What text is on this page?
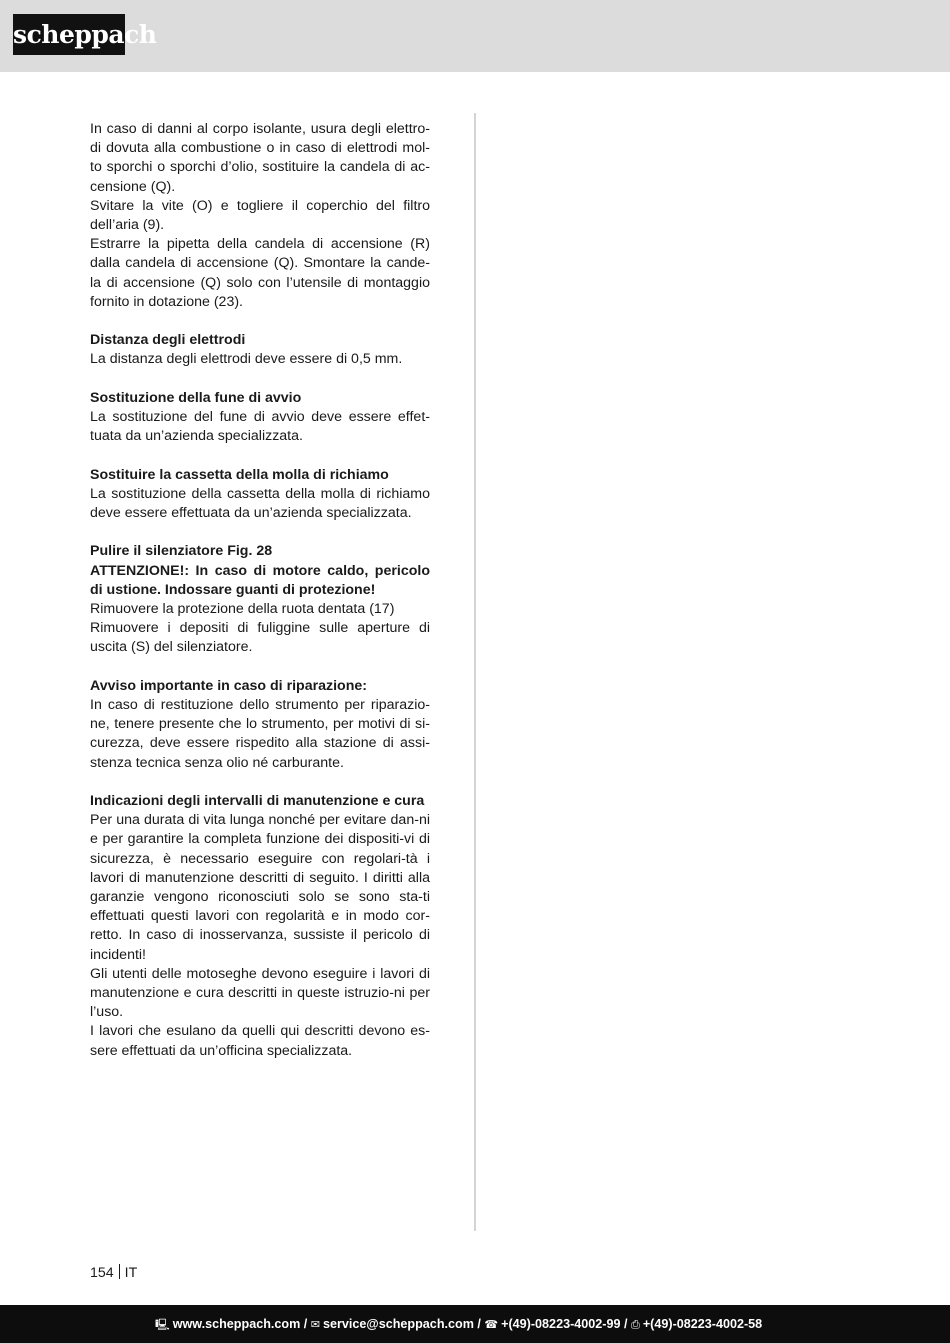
scheppach

In caso di danni al corpo isolante, usura degli elettro-di dovuta alla combustione o in caso di elettrodi mol-to sporchi o sporchi d’olio, sostituire la candela di ac-censione (Q).

Svitare la vite (O) e togliere il coperchio del filtro dell’aria (9).

Estrarre la pipetta della candela di accensione (R) dalla candela di accensione (Q). Smontare la cande-la di accensione (Q) solo con l’utensile di montaggio fornito in dotazione (23).

Distanza degli elettrodi

La distanza degli elettrodi deve essere di 0,5 mm.

Sostituzione della fune di avvio

La sostituzione del fune di avvio deve essere effet-tuata da un’azienda specializzata.

Sostituire la cassetta della molla di richiamo

La sostituzione della cassetta della molla di richiamo deve essere effettuata da un’azienda specializzata.

Pulire il silenziatore Fig. 28

ATTENZIONE!: In caso di motore caldo, pericolo di ustione. Indossare guanti di protezione!

Rimuovere la protezione della ruota dentata (17)

Rimuovere i depositi di fuliggine sulle aperture di uscita (S) del silenziatore.

Avviso importante in caso di riparazione:

In caso di restituzione dello strumento per riparazio-ne, tenere presente che lo strumento, per motivi di si-curezza, deve essere rispedito alla stazione di assi-stenza tecnica senza olio né carburante.

Indicazioni degli intervalli di manutenzione e cura

Per una durata di vita lunga nonché per evitare dan-ni e per garantire la completa funzione dei dispositi-vi di sicurezza, è necessario eseguire con regolari-tà i lavori di manutenzione descritti di seguito. I diritti alla garanzie vengono riconosciuti solo se sono sta-ti effettuati questi lavori con regolarità e in modo cor-retto. In caso di inosservanza, sussiste il pericolo di incidenti!

Gli utenti delle motoseghe devono eseguire i lavori di manutenzione e cura descritti in queste istruzio-ni per l’uso.

I lavori che esulano da quelli qui descritti devono es-sere effettuati da un’officina specializzata.

154 IT
🖳 www.scheppach.com / ✉ service@scheppach.com / ☎ +(49)-08223-4002-99 / ⎙ +(49)-08223-4002-58
